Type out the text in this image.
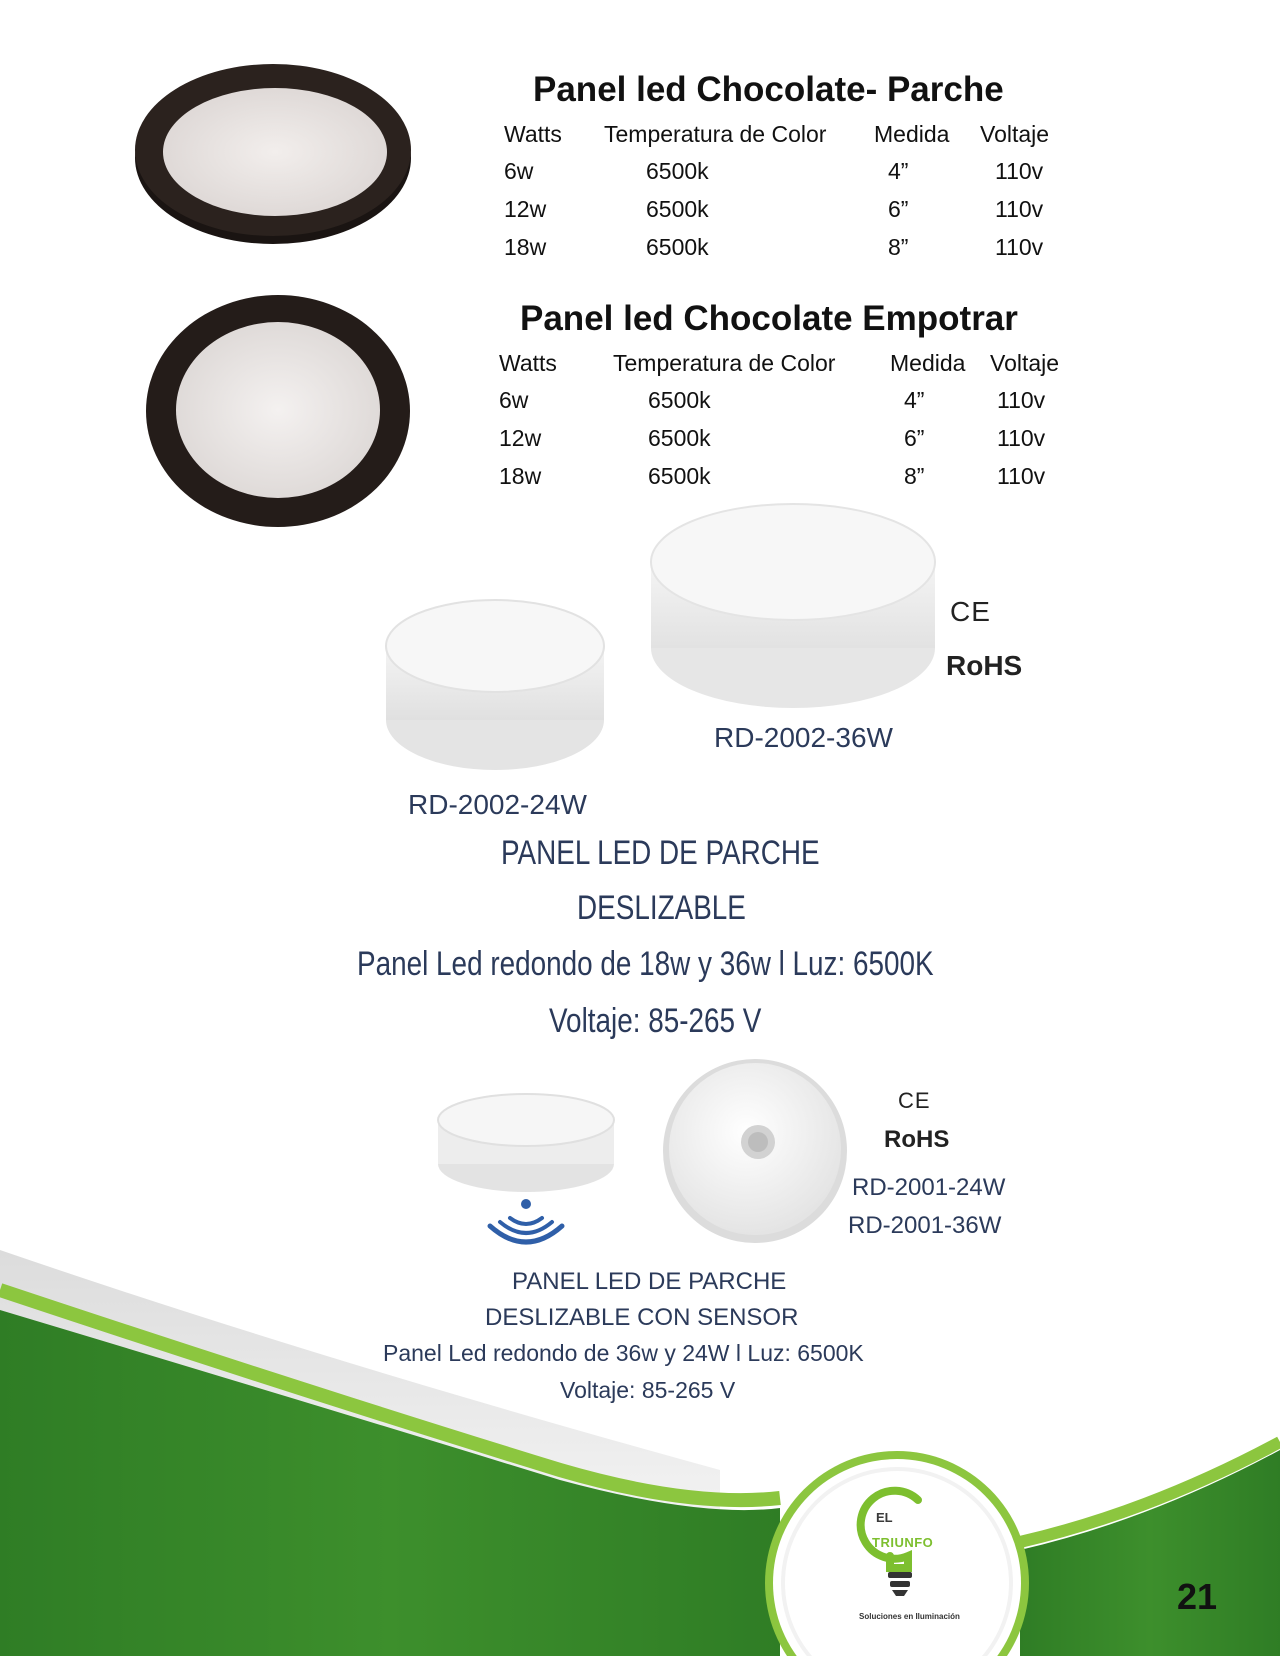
Panel led Chocolate- Parche
Watts Temperatura de Color Medida Voltaje
6w	6500k	4”	110v
12w	6500k	6”	110v
18w	6500k	8”	110v
Panel led Chocolate Empotrar
Watts Temperatura de Color Medida Voltaje
6w	6500k	4”	110v
12w	6500k	6”	110v
18w	6500k	8”	110v
CE
RoHS
RD-2002-36W
RD-2002-24W
PANEL LED DE PARCHE
DESLIZABLE
Panel Led redondo de 18w y 36w l Luz: 6500K
Voltaje: 85-265 V
CE
RoHS
RD-2001-24W
RD-2001-36W
EL
TRIUNFO
Soluciones en Iluminación	21
PANEL LED DE PARCHE
DESLIZABLE CON SENSOR
Panel Led redondo de 36w y 24W l Luz: 6500K
Voltaje: 85-265 V
